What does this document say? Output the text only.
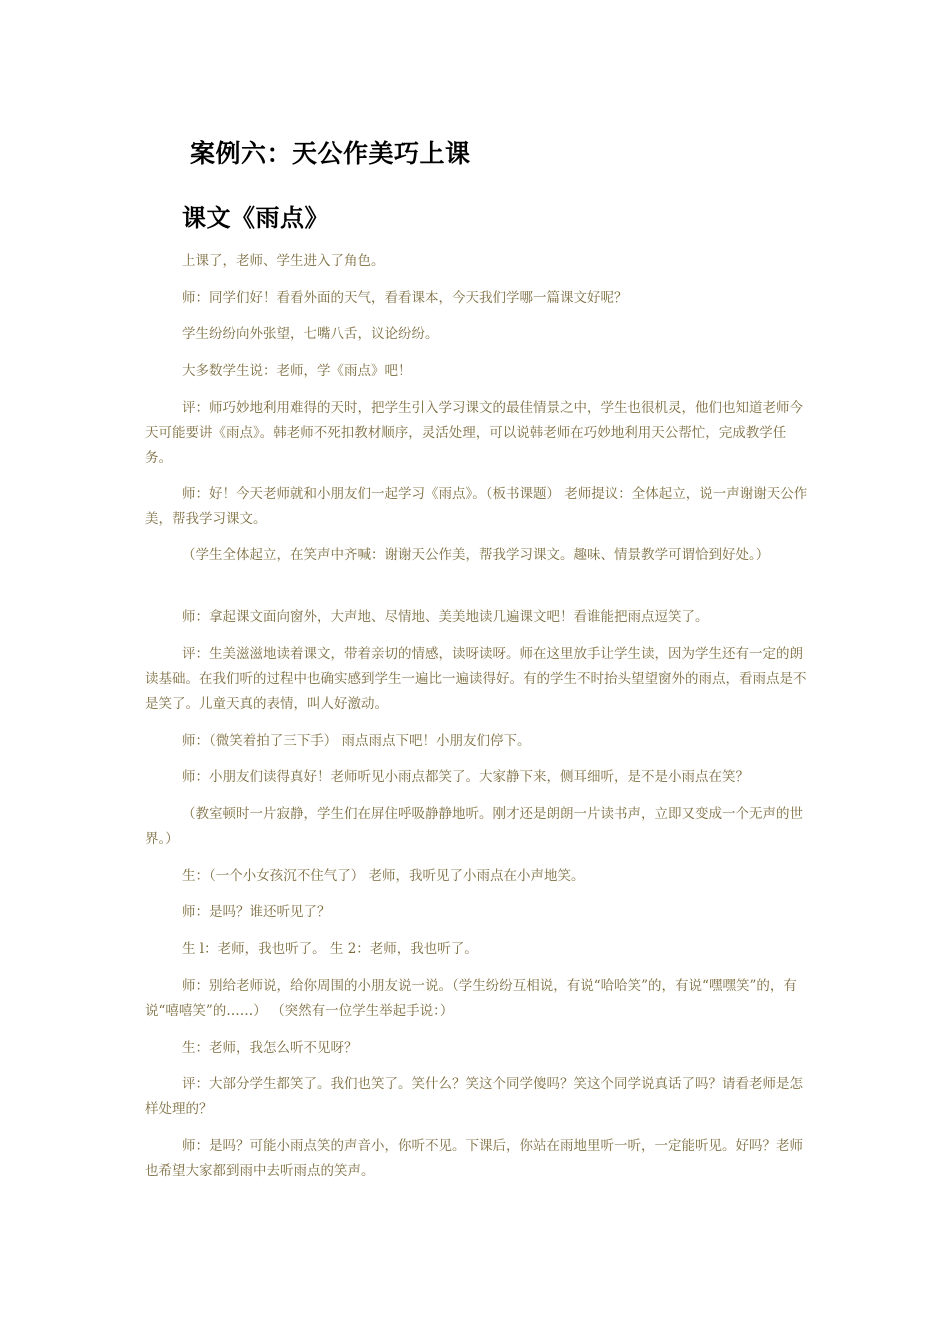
案例六：天公作美巧上课
课文《雨点》

上课了，老师、学生进入了角色。

师：同学们好！看看外面的天气，看看课本，今天我们学哪一篇课文好呢？

学生纷纷向外张望，七嘴八舌，议论纷纷。

大多数学生说：老师，学《雨点》吧！

评：师巧妙地利用难得的天时，把学生引入学习课文的最佳情景之中，学生也很机灵，他们也知道老师今天可能要讲《雨点》。韩老师不死扣教材顺序，灵活处理，可以说韩老师在巧妙地利用天公帮忙，完成教学任务。

师：好！今天老师就和小朋友们一起学习《雨点》。（板书课题） 老师提议：全体起立，说一声谢谢天公作美，帮我学习课文。

（学生全体起立，在笑声中齐喊：谢谢天公作美，帮我学习课文。趣味、情景教学可谓恰到好处。）

师：拿起课文面向窗外，大声地、尽情地、美美地读几遍课文吧！看谁能把雨点逗笑了。

评：生美滋滋地读着课文，带着亲切的情感，读呀读呀。师在这里放手让学生读，因为学生还有一定的朗读基础。在我们听的过程中也确实感到学生一遍比一遍读得好。有的学生不时抬头望望窗外的雨点，看雨点是不是笑了。儿童天真的表情，叫人好激动。

师：（微笑着拍了三下手） 雨点雨点下吧！小朋友们停下。

师：小朋友们读得真好！老师听见小雨点都笑了。大家静下来，侧耳细听，是不是小雨点在笑？

（教室顿时一片寂静，学生们在屏住呼吸静静地听。刚才还是朗朗一片读书声，立即又变成一个无声的世界。）

生：（一个小女孩沉不住气了） 老师，我听见了小雨点在小声地笑。

师：是吗？谁还听见了？

生 l：老师，我也听了。 生 2：老师，我也听了。

师：别给老师说，给你周围的小朋友说一说。（学生纷纷互相说，有说“哈哈笑”的，有说“嘿嘿笑”的，有说“嘻嘻笑”的……） （突然有一位学生举起手说：）

生：老师，我怎么听不见呀？

评：大部分学生都笑了。我们也笑了。笑什么？笑这个同学傻吗？笑这个同学说真话了吗？请看老师是怎样处理的？

师：是吗？可能小雨点笑的声音小，你听不见。下课后，你站在雨地里听一听，一定能听见。好吗？老师也希望大家都到雨中去听雨点的笑声。
